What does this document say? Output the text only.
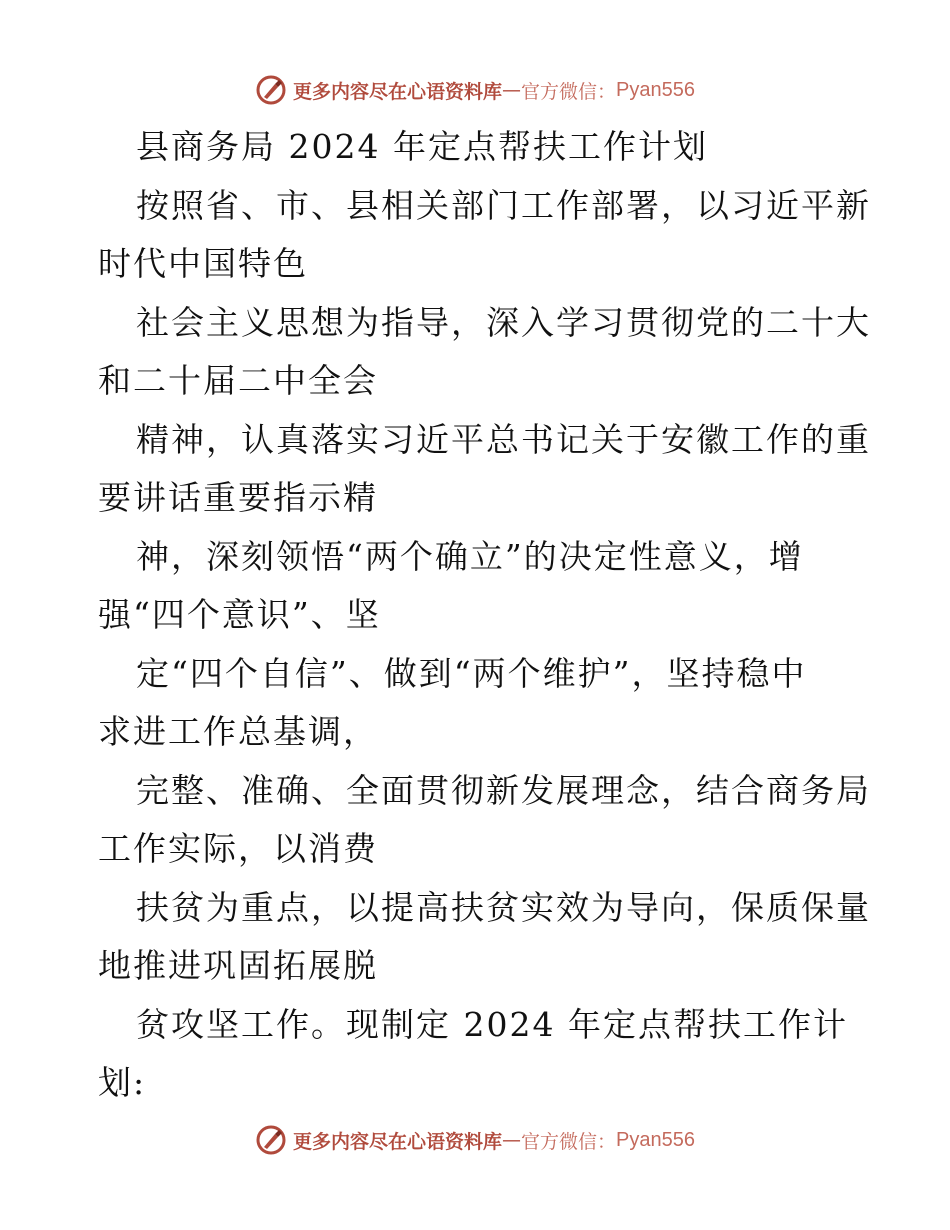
更多内容尽在心语资料库 — 官方微信： Pyan556
县商务局 2024 年定点帮扶工作计划
按照省、市、县相关部门工作部署，以习近平新
时代中国特色
社会主义思想为指导，深入学习贯彻党的二十大
和二十届二中全会
精神，认真落实习近平总书记关于安徽工作的重
要讲话重要指示精
神，深刻领悟“两个确立”的决定性意义，增
强“四个意识”、坚
定“四个自信”、做到“两个维护”，坚持稳中
求进工作总基调，
完整、准确、全面贯彻新发展理念，结合商务局
工作实际，以消费
扶贫为重点，以提高扶贫实效为导向，保质保量
地推进巩固拓展脱
贫攻坚工作。现制定 2024 年定点帮扶工作计
划:
更多内容尽在心语资料库 — 官方微信： Pyan556
